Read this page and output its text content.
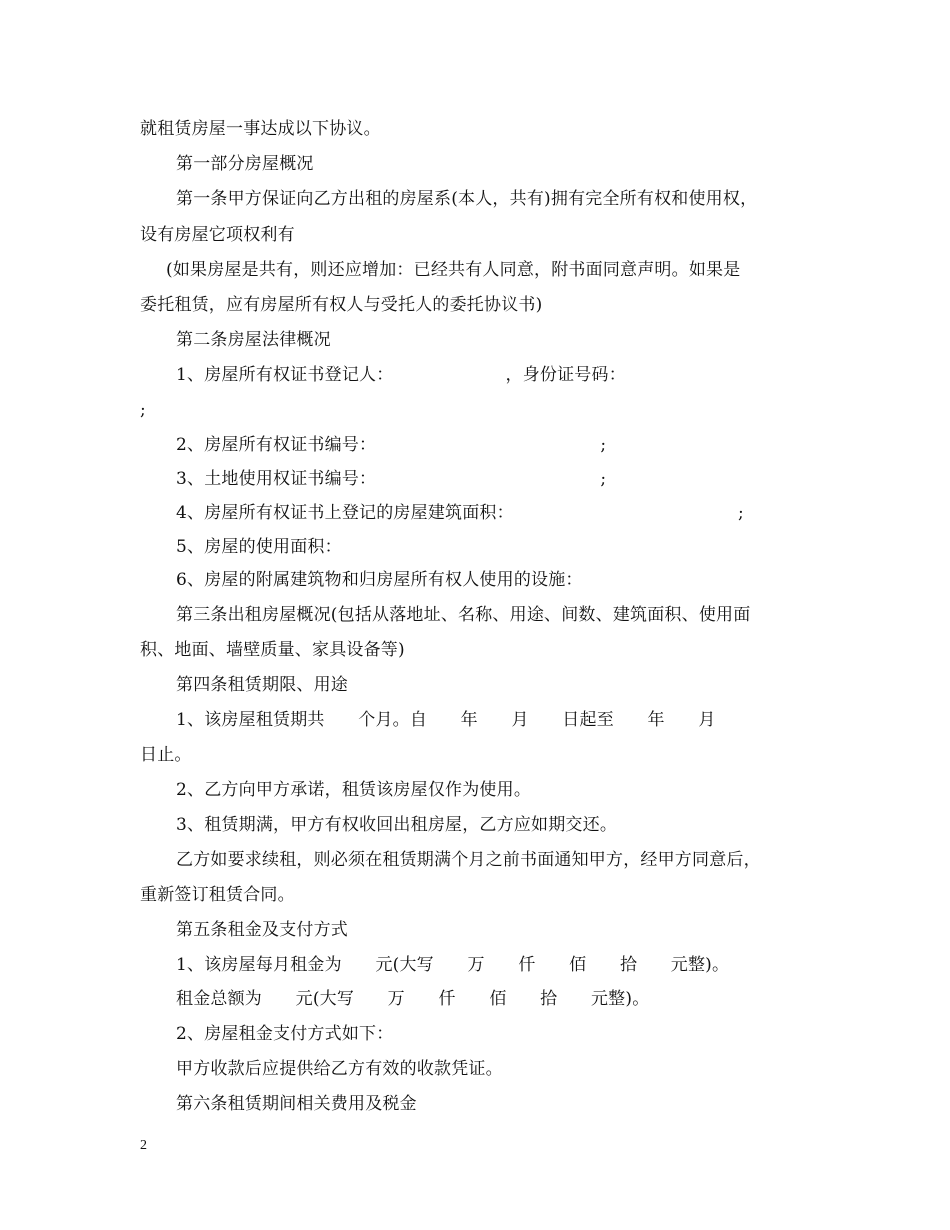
就租赁房屋一事达成以下协议。
第一部分房屋概况
第一条甲方保证向乙方出租的房屋系(本人，共有)拥有完全所有权和使用权，
设有房屋它项权利有
(如果房屋是共有，则还应增加：已经共有人同意，附书面同意声明。如果是
委托租赁，应有房屋所有权人与受托人的委托协议书)
第二条房屋法律概况
1、房屋所有权证书登记人：                    ，身份证号码：
;
2、房屋所有权证书编号：                                        ;
3、土地使用权证书编号：                                        ;
4、房屋所有权证书上登记的房屋建筑面积：                                        ;
5、房屋的使用面积：
6、房屋的附属建筑物和归房屋所有权人使用的设施：
第三条出租房屋概况(包括从落地址、名称、用途、间数、建筑面积、使用面
积、地面、墙壁质量、家具设备等)
第四条租赁期限、用途
1、该房屋租赁期共      个月。自      年      月      日起至      年      月
日止。
2、乙方向甲方承诺，租赁该房屋仅作为使用。
3、租赁期满，甲方有权收回出租房屋，乙方应如期交还。
乙方如要求续租，则必须在租赁期满个月之前书面通知甲方，经甲方同意后，
重新签订租赁合同。
第五条租金及支付方式
1、该房屋每月租金为      元(大写      万      仟      佰      拾      元整)。
租金总额为      元(大写      万      仟      佰      拾      元整)。
2、房屋租金支付方式如下：
甲方收款后应提供给乙方有效的收款凭证。
第六条租赁期间相关费用及税金
2
